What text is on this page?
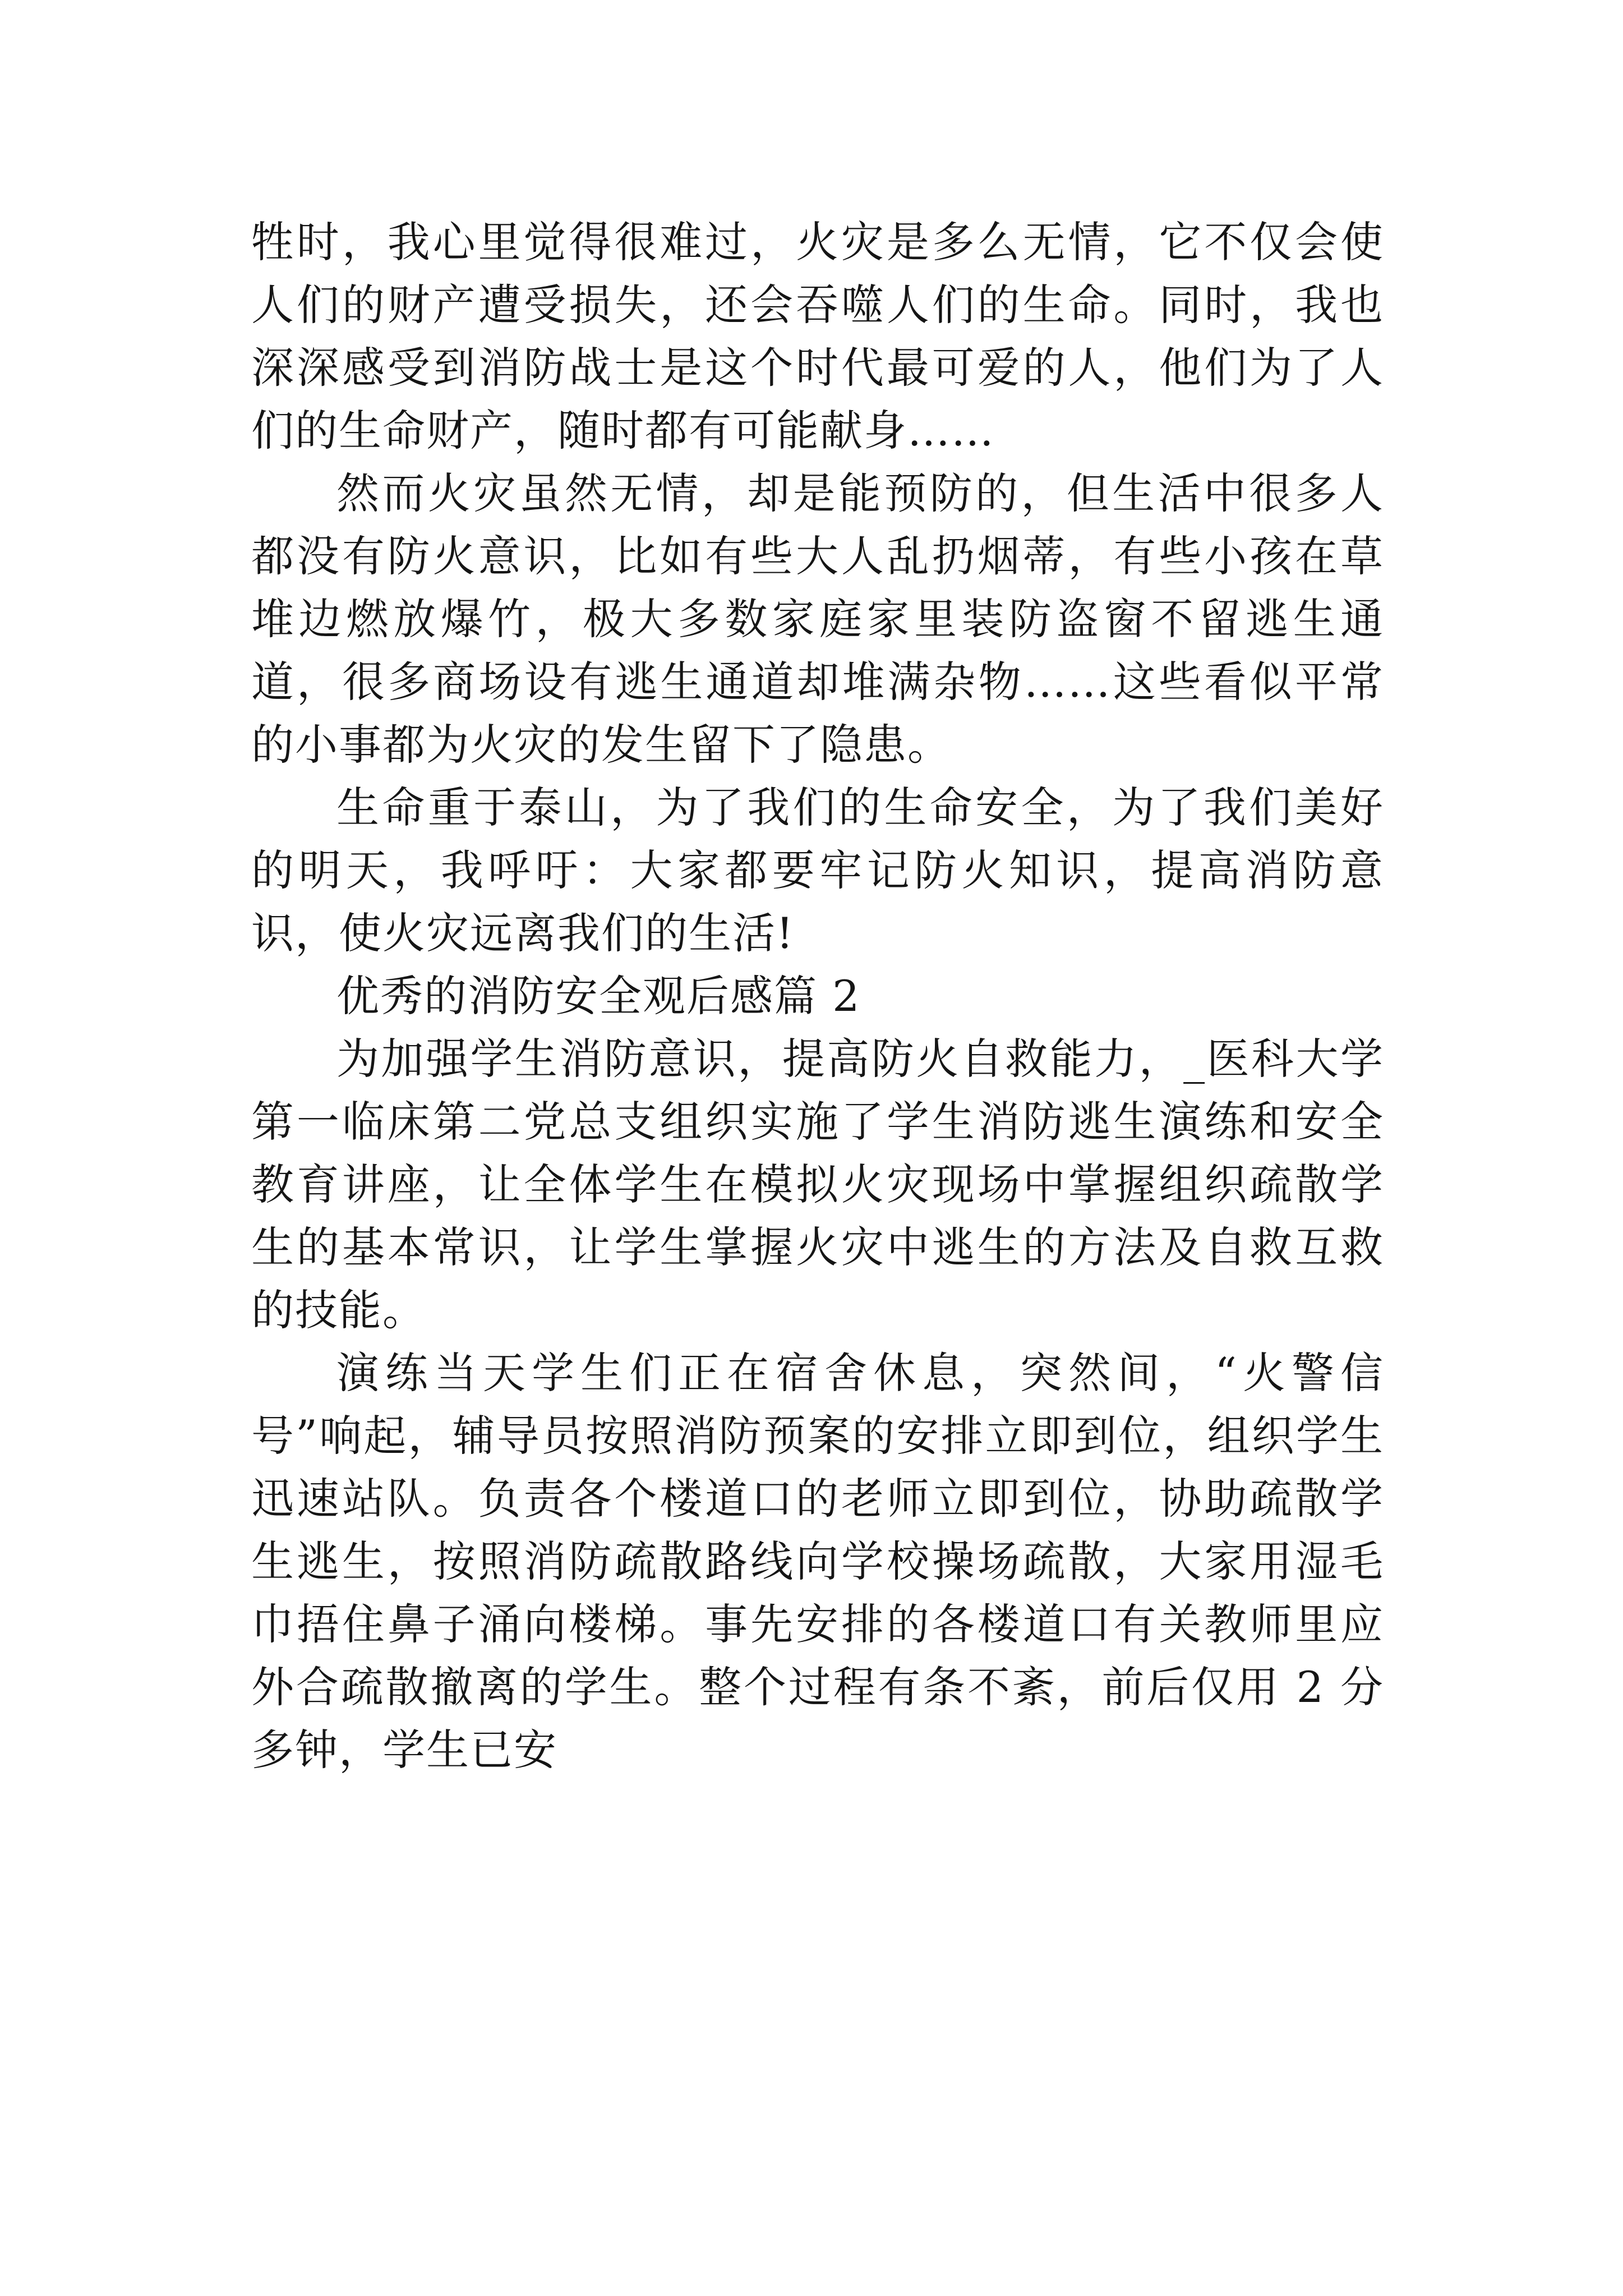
牲时，我心里觉得很难过，火灾是多么无情，它不仅会使人们的财产遭受损失，还会吞噬人们的生命。同时，我也深深感受到消防战士是这个时代最可爱的人，他们为了人们的生命财产，随时都有可能献身……

然而火灾虽然无情，却是能预防的，但生活中很多人都没有防火意识，比如有些大人乱扔烟蒂，有些小孩在草堆边燃放爆竹，极大多数家庭家里装防盗窗不留逃生通道，很多商场设有逃生通道却堆满杂物……这些看似平常的小事都为火灾的发生留下了隐患。

生命重于泰山，为了我们的生命安全，为了我们美好的明天，我呼吁：大家都要牢记防火知识，提高消防意识，使火灾远离我们的生活!

优秀的消防安全观后感篇 2

为加强学生消防意识，提高防火自救能力，_医科大学第一临床第二党总支组织实施了学生消防逃生演练和安全教育讲座，让全体学生在模拟火灾现场中掌握组织疏散学生的基本常识，让学生掌握火灾中逃生的方法及自救互救的技能。

演练当天学生们正在宿舍休息，突然间，“火警信号”响起，辅导员按照消防预案的安排立即到位，组织学生迅速站队。负责各个楼道口的老师立即到位，协助疏散学生逃生，按照消防疏散路线向学校操场疏散，大家用湿毛巾捂住鼻子涌向楼梯。事先安排的各楼道口有关教师里应外合疏散撤离的学生。整个过程有条不紊，前后仅用 2 分多钟，学生已安
